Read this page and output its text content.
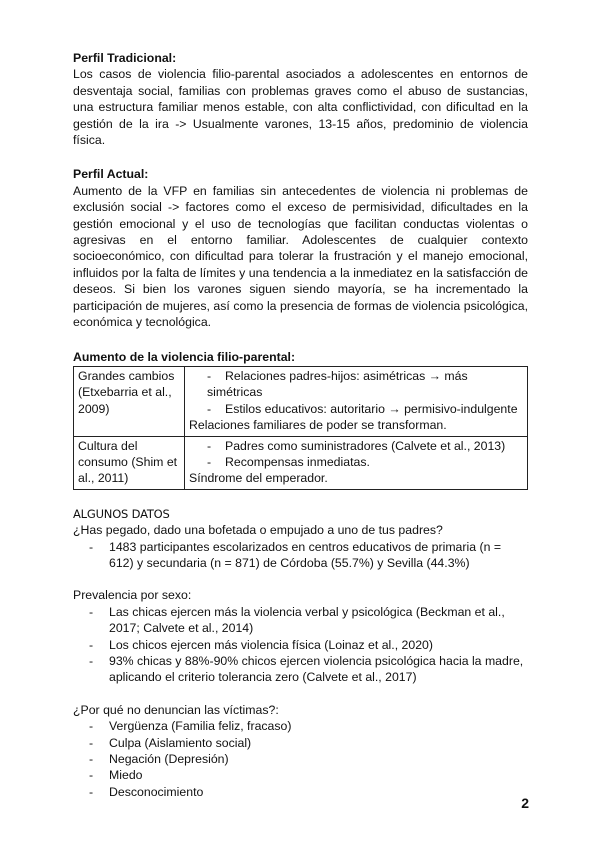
Perfil Tradicional:

Los casos de violencia filio-parental asociados a adolescentes en entornos de desventaja social, familias con problemas graves como el abuso de sustancias, una estructura familiar menos estable, con alta conflictividad, con dificultad en la gestión de la ira -> Usualmente varones, 13-15 años, predominio de violencia física.

Perfil Actual:

Aumento de la VFP en familias sin antecedentes de violencia ni problemas de exclusión social -> factores como el exceso de permisividad, dificultades en la gestión emocional y el uso de tecnologías que facilitan conductas violentas o agresivas en el entorno familiar. Adolescentes de cualquier contexto socioeconómico, con dificultad para tolerar la frustración y el manejo emocional, influidos por la falta de límites y una tendencia a la inmediatez en la satisfacción de deseos. Si bien los varones siguen siendo mayoría, se ha incrementado la participación de mujeres, así como la presencia de formas de violencia psicológica, económica y tecnológica.

Aumento de la violencia filio-parental:

Grandes cambios (Etxebarria et al., 2009)	- Relaciones padres-hijos: asimétricas → más simétricas
- Estilos educativos: autoritario → permisivo-indulgente
Relaciones familiares de poder se transforman.

Cultura del consumo (Shim et al., 2011)	- Padres como suministradores (Calvete et al., 2013)
- Recompensas inmediatas.
Síndrome del emperador.

ALGUNOS DATOS

¿Has pegado, dado una bofetada o empujado a uno de tus padres?

- 1483 participantes escolarizados en centros educativos de primaria (n = 612) y secundaria (n = 871) de Córdoba (55.7%) y Sevilla (44.3%)

Prevalencia por sexo:

- Las chicas ejercen más la violencia verbal y psicológica (Beckman et al., 2017; Calvete et al., 2014)
- Los chicos ejercen más violencia física (Loinaz et al., 2020)
- 93% chicas y 88%-90% chicos ejercen violencia psicológica hacia la madre, aplicando el criterio tolerancia zero (Calvete et al., 2017)

¿Por qué no denuncian las víctimas?:

- Vergüenza (Familia feliz, fracaso)
- Culpa (Aislamiento social)
- Negación (Depresión)
- Miedo
- Desconocimiento
2
